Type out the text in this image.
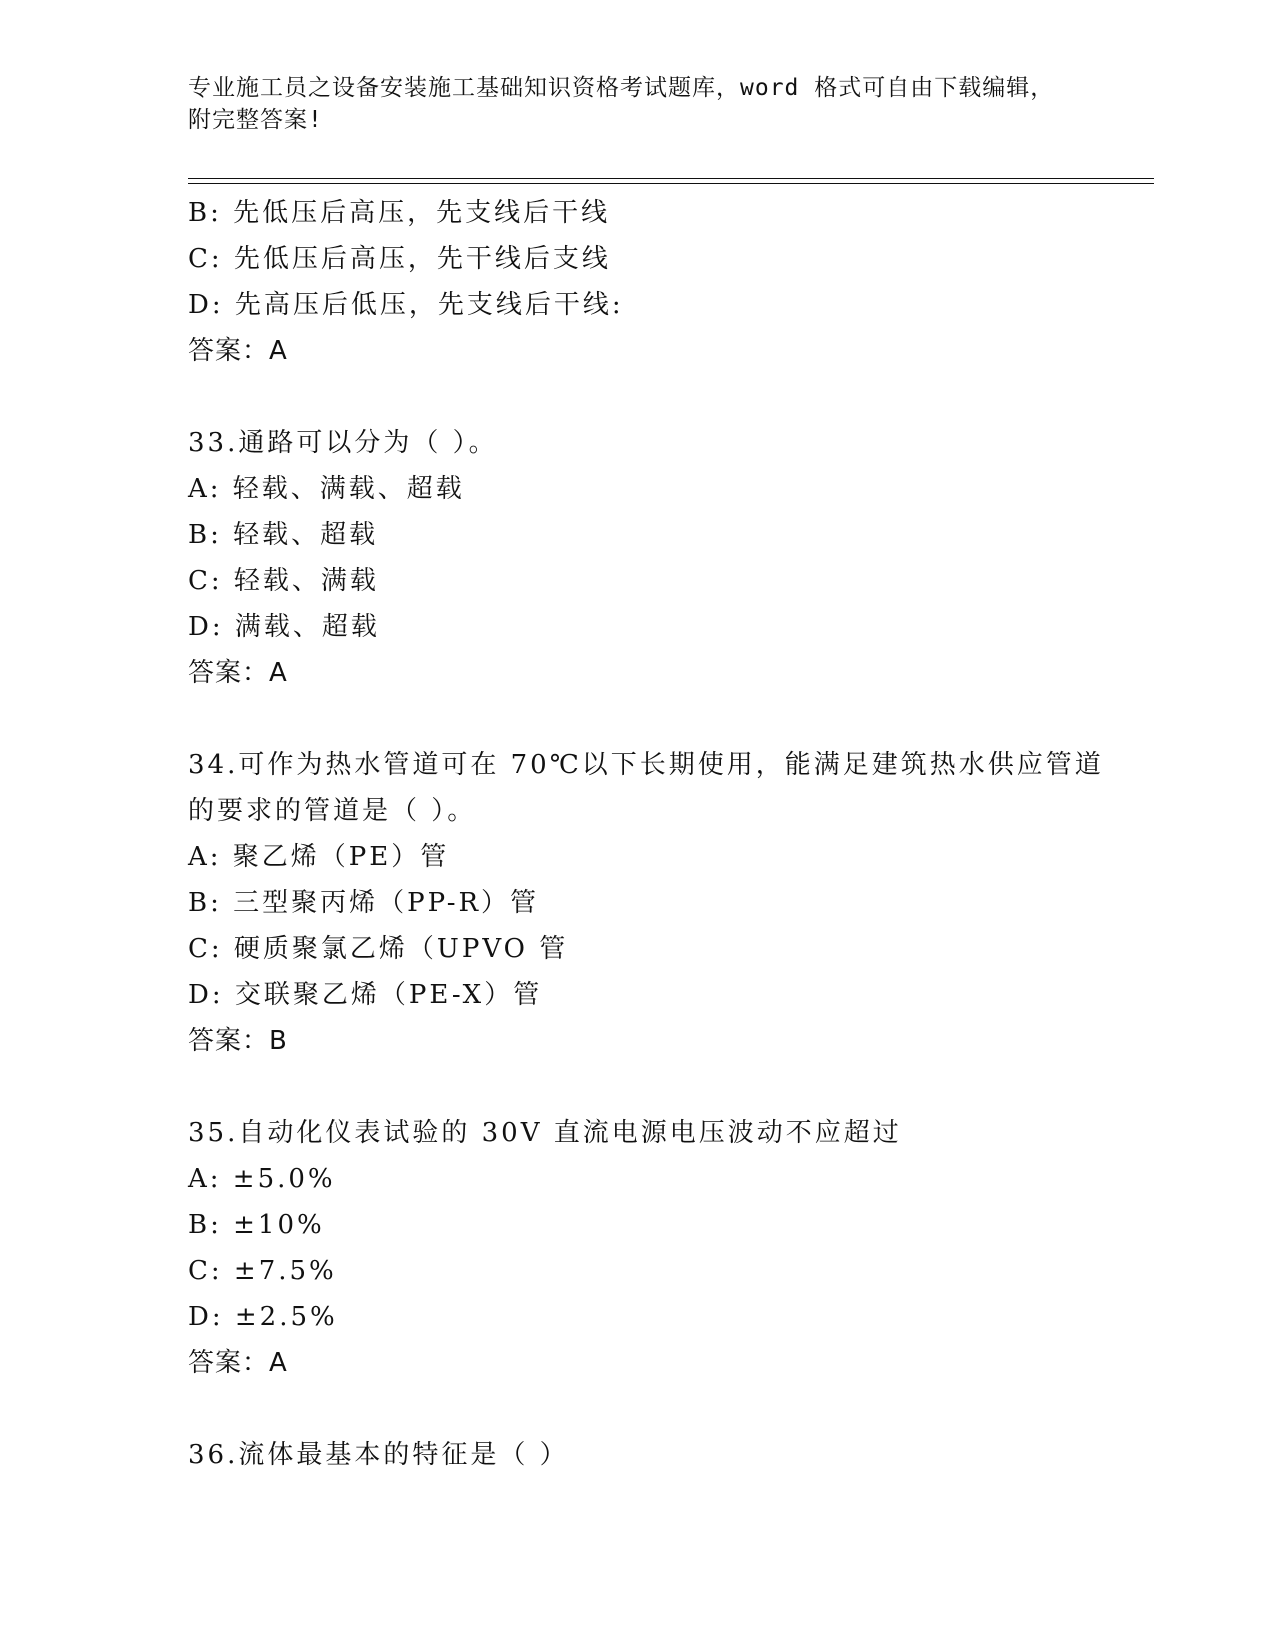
专业施工员之设备安装施工基础知识资格考试题库，word 格式可自由下载编辑，
附完整答案!
B: 先低压后高压，先支线后干线
C: 先低压后高压，先干线后支线
D: 先高压后低压，先支线后干线:
答案：A
33.通路可以分为（ ）。
A: 轻载、满载、超载
B: 轻载、超载
C: 轻载、满载
D: 满载、超载
答案：A
34.可作为热水管道可在 70℃以下长期使用，能满足建筑热水供应管道
的要求的管道是（ ）。
A: 聚乙烯（PE）管
B: 三型聚丙烯（PP-R）管
C: 硬质聚氯乙烯（UPVO 管
D: 交联聚乙烯（PE-X）管
答案：B
35.自动化仪表试验的 30V 直流电源电压波动不应超过
A: ±5.0%
B: ±10%
C: ±7.5%
D: ±2.5%
答案：A
36.流体最基本的特征是（ ）
